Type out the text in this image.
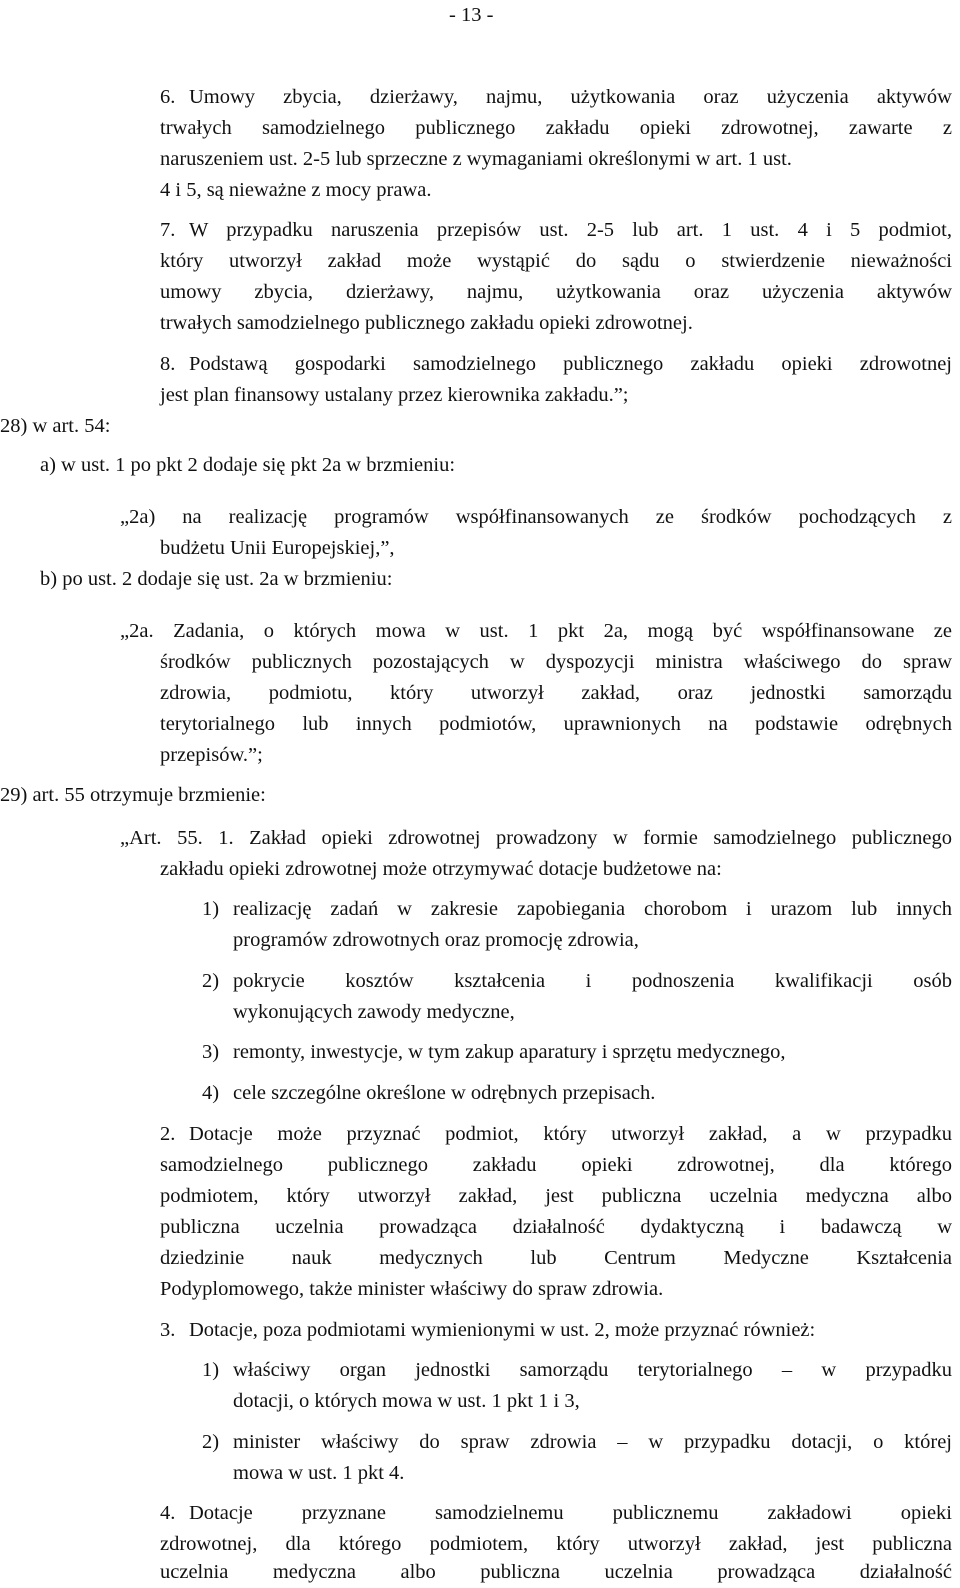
- 13 -
6. Umowy zbycia, dzierżawy, najmu, użytkowania oraz użyczenia aktywów
trwałych samodzielnego publicznego zakładu opieki zdrowotnej, zawarte z
naruszeniem ust. 2-5 lub sprzeczne z wymaganiami określonymi w art. 1 ust.
4 i 5, są nieważne z mocy prawa.
7. W przypadku naruszenia przepisów ust. 2-5 lub art. 1 ust. 4 i 5 podmiot,
który utworzył zakład może wystąpić do sądu o stwierdzenie nieważności
umowy zbycia, dzierżawy, najmu, użytkowania oraz użyczenia aktywów
trwałych samodzielnego publicznego zakładu opieki zdrowotnej.
8. Podstawą gospodarki samodzielnego publicznego zakładu opieki zdrowotnej
jest plan finansowy ustalany przez kierownika zakładu.”;
28) w art. 54:
a) w ust. 1 po pkt 2 dodaje się pkt 2a w brzmieniu:
„2a) na realizację programów współfinansowanych ze środków pochodzących z
budżetu Unii Europejskiej,”,
b) po ust. 2 dodaje się ust. 2a w brzmieniu:
„2a. Zadania, o których mowa w ust. 1 pkt 2a, mogą być współfinansowane ze
środków publicznych pozostających w dyspozycji ministra właściwego do spraw
zdrowia, podmiotu, który utworzył zakład, oraz jednostki samorządu
terytorialnego lub innych podmiotów, uprawnionych na podstawie odrębnych
przepisów.”;
29) art. 55 otrzymuje brzmienie:
„Art. 55. 1. Zakład opieki zdrowotnej prowadzony w formie samodzielnego publicznego
zakładu opieki zdrowotnej może otrzymywać dotacje budżetowe na:
1) realizację zadań w zakresie zapobiegania chorobom i urazom lub innych
programów zdrowotnych oraz promocję zdrowia,
2) pokrycie kosztów kształcenia i podnoszenia kwalifikacji osób
wykonujących zawody medyczne,
3) remonty, inwestycje, w tym zakup aparatury i sprzętu medycznego,
4) cele szczególne określone w odrębnych przepisach.
2. Dotacje może przyznać podmiot, który utworzył zakład, a w przypadku
samodzielnego publicznego zakładu opieki zdrowotnej, dla którego
podmiotem, który utworzył zakład, jest publiczna uczelnia medyczna albo
publiczna uczelnia prowadząca działalność dydaktyczną i badawczą w
dziedzinie nauk medycznych lub Centrum Medyczne Kształcenia
Podyplomowego, także minister właściwy do spraw zdrowia.
3. Dotacje, poza podmiotami wymienionymi w ust. 2, może przyznać również:
1) właściwy organ jednostki samorządu terytorialnego – w przypadku
dotacji, o których mowa w ust. 1 pkt 1 i 3,
2) minister właściwy do spraw zdrowia – w przypadku dotacji, o której
mowa w ust. 1 pkt 4.
4. Dotacje przyznane samodzielnemu publicznemu zakładowi opieki
zdrowotnej, dla którego podmiotem, który utworzył zakład, jest publiczna
uczelnia medyczna albo publiczna uczelnia prowadząca działalność
